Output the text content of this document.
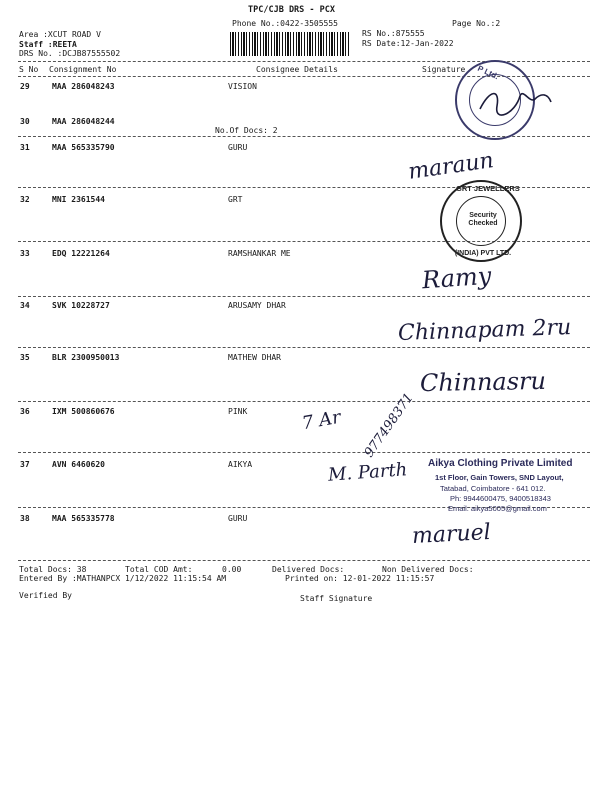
TPC/CJB DRS - PCX
Phone No.:0422-3505555	Page No.:2
Area :XCUT ROAD V
Staff :REETA
DRS No. :DCJB87555502
RS No.:875555
RS Date:12-Jan-2022
S No Consignment No	Consignee Details	Signature
29	MAA 286048243	VISION
30	MAA 286048244
No.Of Docs: 2
31	MAA 565335790	GURU
32	MNI 2361544	GRT
33	EDQ 12221264	RAMSHANKAR ME
34	SVK 10228727	ARUSAMY DHAR
35	BLR 2300950013	MATHEW DHAR
36	IXM 500860676	PINK
37	AVN 6460620	AIKYA
38	MAA 565335778	GURU
Total Docs: 38	Total COD Amt:	0.00	Delivered Docs:	Non Delivered Docs:
Entered By :MATHANPCX 1/12/2022 11:15:54 AM	Printed on: 12-01-2022 11:15:57
Verified By	Staff Signature
P Ltd.
GRT JEWELLERS
(INDIA) PVT LTD.
Security Checked
maraun
Ramy
Chinnapam 2ru
Chinnasru
7 Ar 977498371
M. Parth
maruel
Aikya Clothing Private Limited
1st Floor, Gain Towers, SND Layout,
Tatabad, Coimbatore - 641 012.
Ph: 9944600475, 9400518343
Email: aikya5005@gmail.com
